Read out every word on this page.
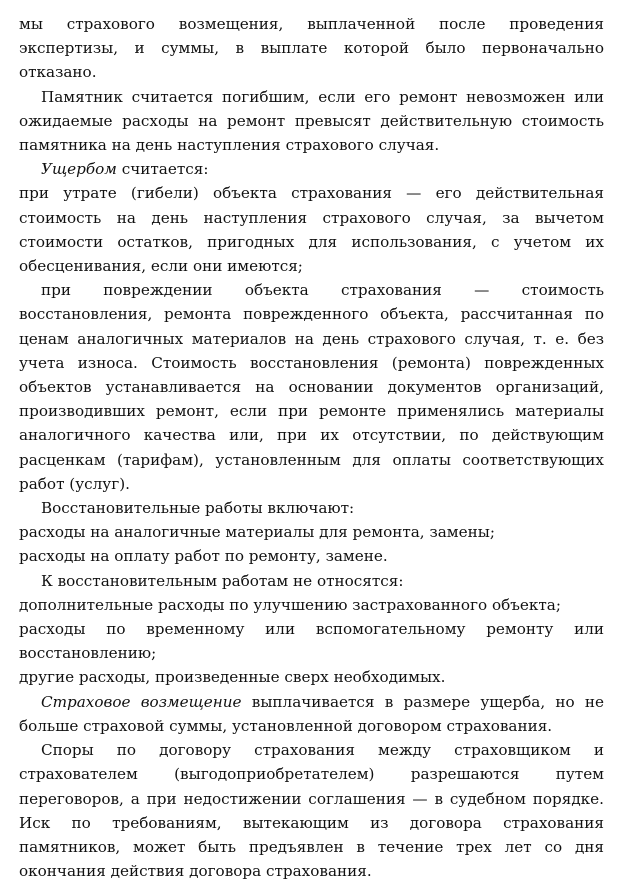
мы страхового возмещения, выплаченной после проведения экспертизы, и суммы, в выплате которой было первоначально отказано.

Памятник считается погибшим, если его ремонт невозможен или ожидаемые расходы на ремонт превысят действительную стоимость памятника на день наступления страхового случая.

Ущербом считается:

при утрате (гибели) объекта страхования — его действительная стоимость на день наступления страхового случая, за вычетом стоимости остатков, пригодных для использования, с учетом их обесценивания, если они имеются;

при повреждении объекта страхования — стоимость восстановления, ремонта поврежденного объекта, рассчитанная по ценам аналогичных материалов на день страхового случая, т. е. без учета износа. Стоимость восстановления (ремонта) поврежденных объектов устанавливается на основании документов организаций, производивших ремонт, если при ремонте применялись материалы аналогичного качества или, при их отсутствии, по действующим расценкам (тарифам), установленным для оплаты соответствующих работ (услуг).

Восстановительные работы включают:

расходы на аналогичные материалы для ремонта, замены;

расходы на оплату работ по ремонту, замене.

К восстановительным работам не относятся:

дополнительные расходы по улучшению застрахованного объекта;

расходы по временному или вспомогательному ремонту или восстановлению;

другие расходы, произведенные сверх необходимых.

Страховое возмещение выплачивается в размере ущерба, но не больше страховой суммы, установленной договором страхования.

Споры по договору страхования между страховщиком и страхователем (выгодоприобретателем) разрешаются путем переговоров, а при недостижении соглашения — в судебном порядке. Иск по требованиям, вытекающим из договора страхования памятников, может быть предъявлен в течение трех лет со дня окончания действия договора страхования.
